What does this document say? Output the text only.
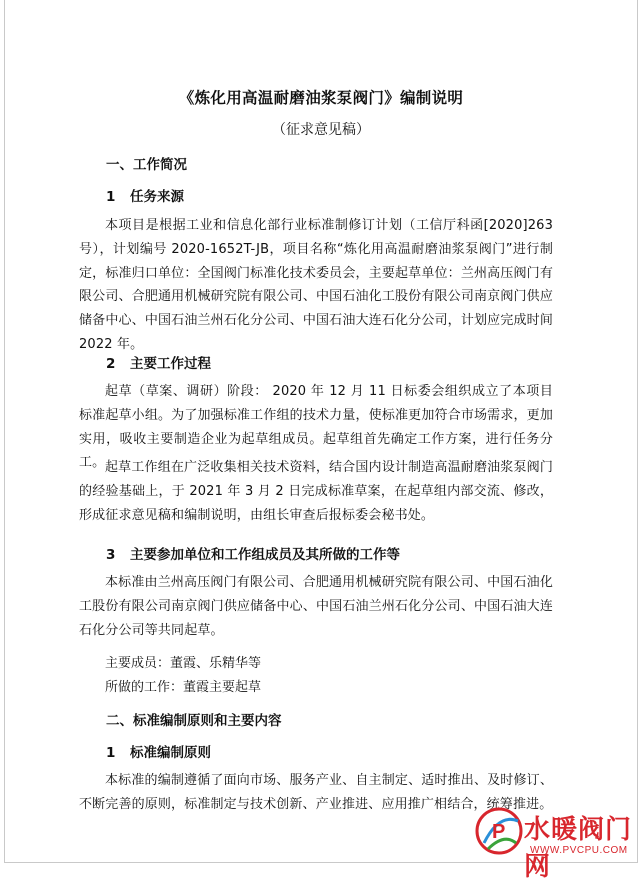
《炼化用高温耐磨油浆泵阀门》编制说明
（征求意见稿）
一、工作简况
1 任务来源

本项目是根据工业和信息化部行业标准制修订计划（工信厅科函[2020]263号），计划编号 2020-1652T-JB，项目名称“炼化用高温耐磨油浆泵阀门”进行制定，标准归口单位：全国阀门标准化技术委员会，主要起草单位：兰州高压阀门有限公司、合肥通用机械研究院有限公司、中国石油化工股份有限公司南京阀门供应储备中心、中国石油兰州石化分公司、中国石油大连石化分公司，计划应完成时间 2022 年。

2 主要工作过程

起草（草案、调研）阶段： 2020 年 12 月 11 日标委会组织成立了本项目标准起草小组。为了加强标准工作组的技术力量，使标准更加符合市场需求，更加实用，吸收主要制造企业为起草组成员。起草组首先确定工作方案，进行任务分工。 起草工作组在广泛收集相关技术资料，结合国内设计制造高温耐磨油浆泵阀门的经验基础上，于 2021 年 3 月 2 日完成标准草案，在起草组内部交流、修改，形成征求意见稿和编制说明，由组长审查后报标委会秘书处。

3 主要参加单位和工作组成员及其所做的工作等

本标准由兰州高压阀门有限公司、合肥通用机械研究院有限公司、中国石油化工股份有限公司南京阀门供应储备中心、中国石油兰州石化分公司、中国石油大连石化分公司等共同起草。

主要成员：董霞、乐精华等
所做的工作：董霞主要起草
二、标准编制原则和主要内容
1 标准编制原则

本标准的编制遵循了面向市场、服务产业、自主制定、适时推出、及时修订、不断完善的原则，标准制定与技术创新、产业推进、应用推广相结合，统筹推进。

P 水暖阀门网
WWW.PVCPU.COM
